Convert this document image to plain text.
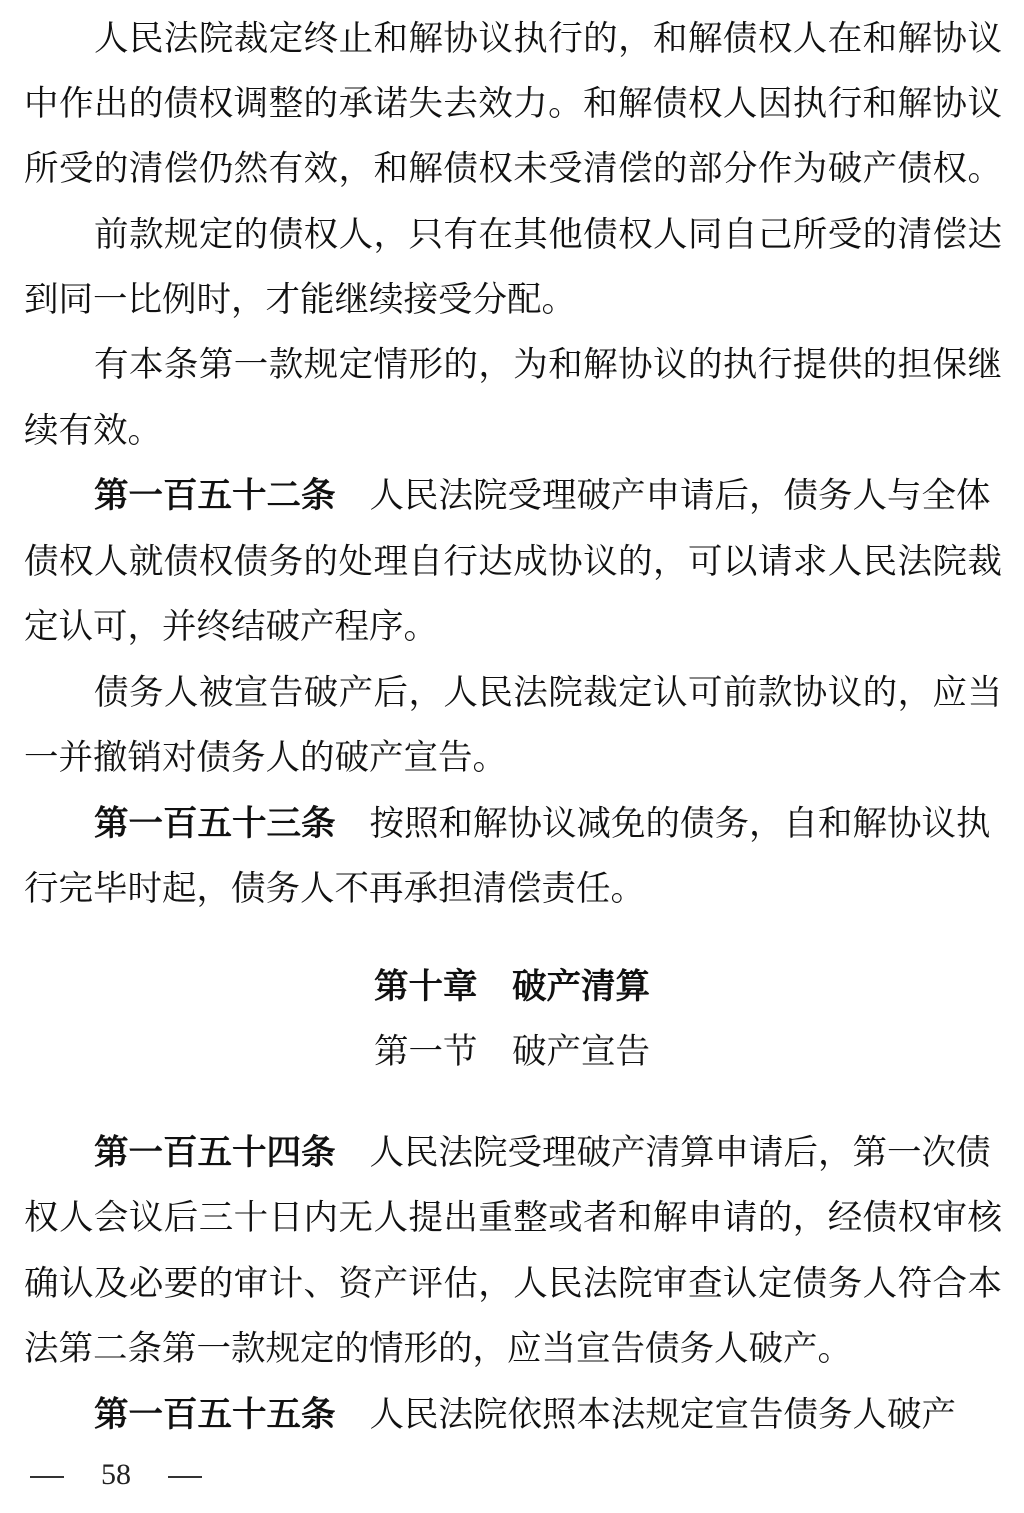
人民法院裁定终止和解协议执行的，和解债权人在和解协议
中作出的债权调整的承诺失去效力。和解债权人因执行和解协议
所受的清偿仍然有效，和解债权未受清偿的部分作为破产债权。
前款规定的债权人，只有在其他债权人同自己所受的清偿达
到同一比例时，才能继续接受分配。
有本条第一款规定情形的，为和解协议的执行提供的担保继
续有效。
第一百五十二条 人民法院受理破产申请后，债务人与全体
债权人就债权债务的处理自行达成协议的，可以请求人民法院裁
定认可，并终结破产程序。
债务人被宣告破产后，人民法院裁定认可前款协议的，应当
一并撤销对债务人的破产宣告。
第一百五十三条 按照和解协议减免的债务，自和解协议执
行完毕时起，债务人不再承担清偿责任。
第十章　破产清算
第一节　破产宣告
第一百五十四条 人民法院受理破产清算申请后，第一次债
权人会议后三十日内无人提出重整或者和解申请的，经债权审核
确认及必要的审计、资产评估，人民法院审查认定债务人符合本
法第二条第一款规定的情形的，应当宣告债务人破产。
第一百五十五条 人民法院依照本法规定宣告债务人破产
58
